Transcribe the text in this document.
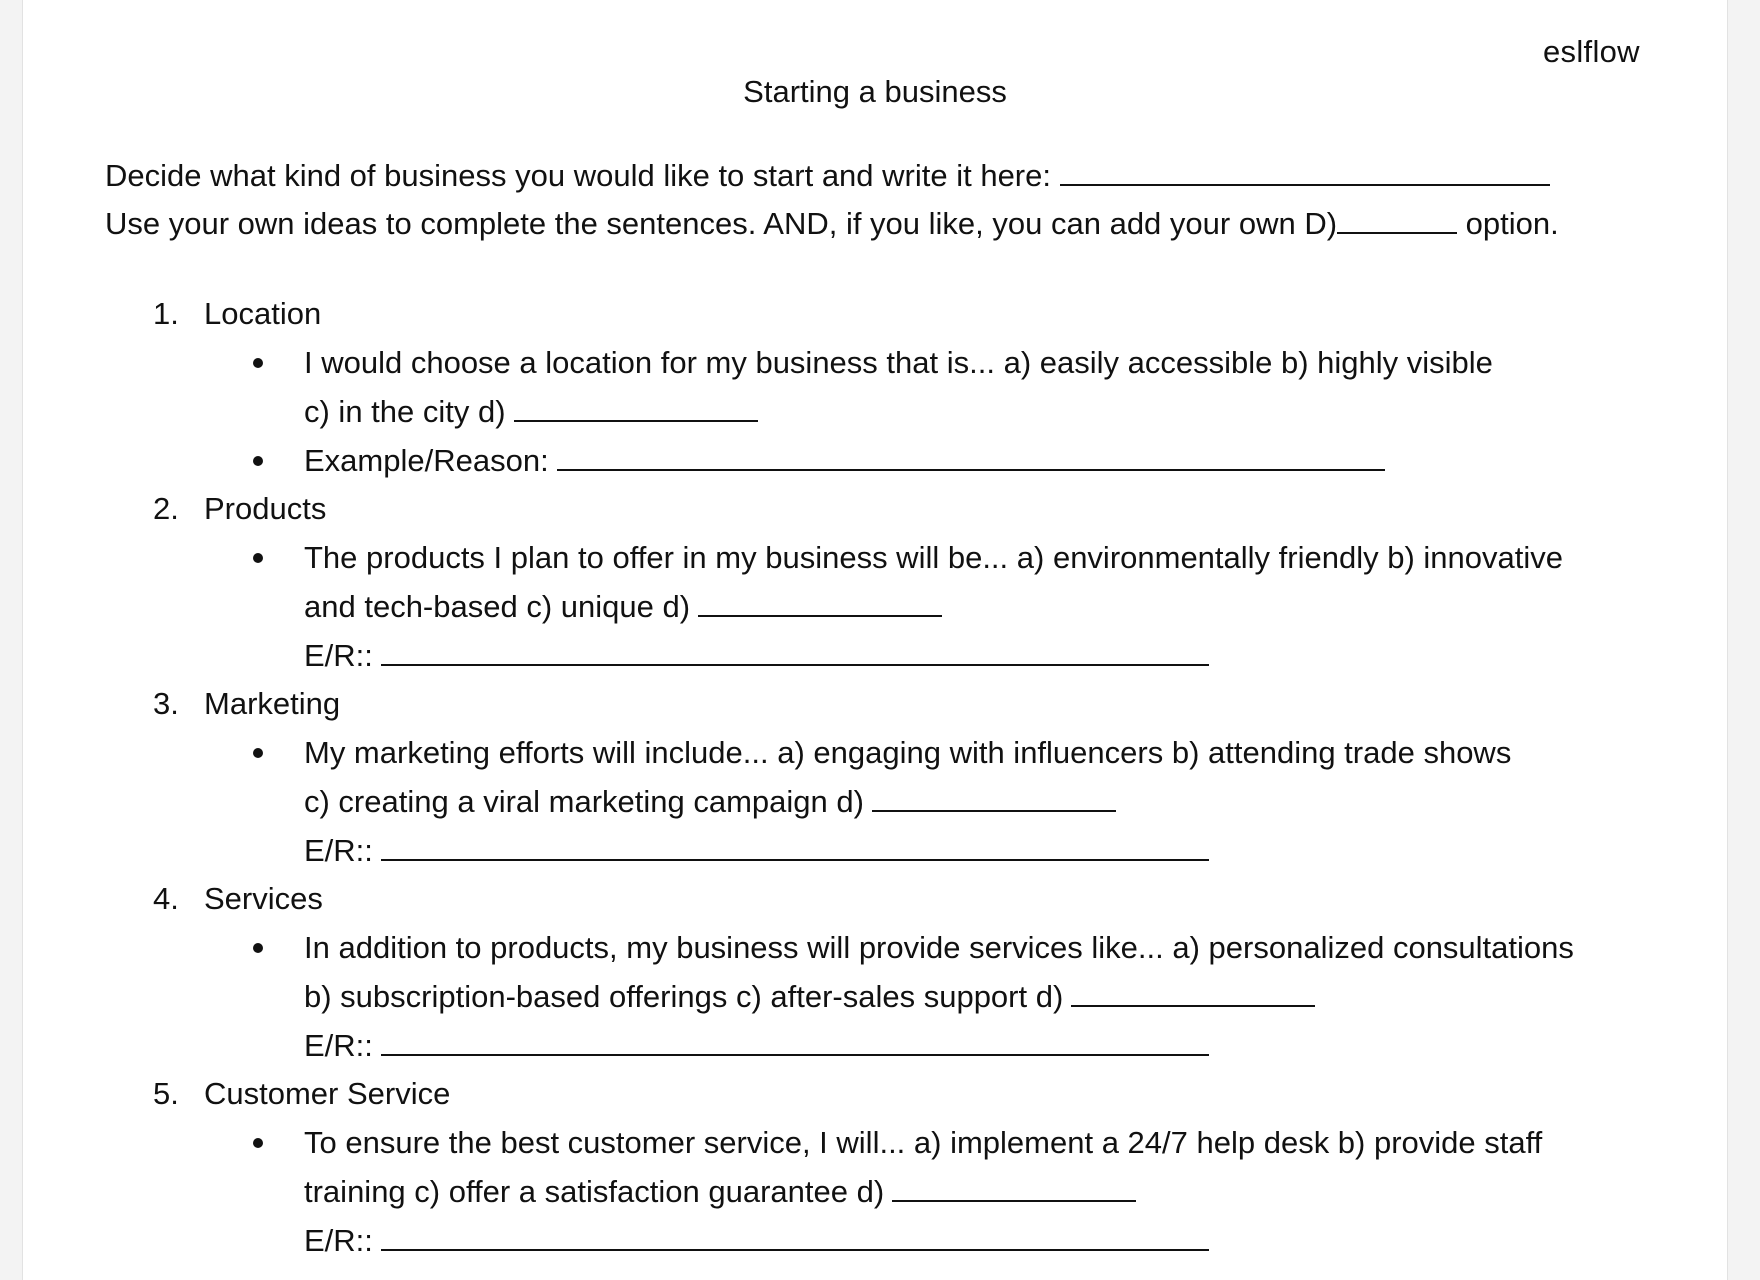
eslflow
Starting a business
Decide what kind of business you would like to start and write it here:
Use your own ideas to complete the sentences. AND, if you like, you can add your own D)	option.
1. Location
I would choose a location for my business that is... a) easily accessible b) highly visible
c) in the city d)
Example/Reason:
2. Products
The products I plan to offer in my business will be... a) environmentally friendly b) innovative
and tech-based c) unique d)
E/R::
3. Marketing
My marketing efforts will include... a) engaging with influencers b) attending trade shows
c) creating a viral marketing campaign d)
E/R::
4. Services
In addition to products, my business will provide services like... a) personalized consultations
b) subscription-based offerings c) after-sales support d)
E/R::
5. Customer Service
To ensure the best customer service, I will... a) implement a 24/7 help desk b) provide staff
training c) offer a satisfaction guarantee d)
E/R::
